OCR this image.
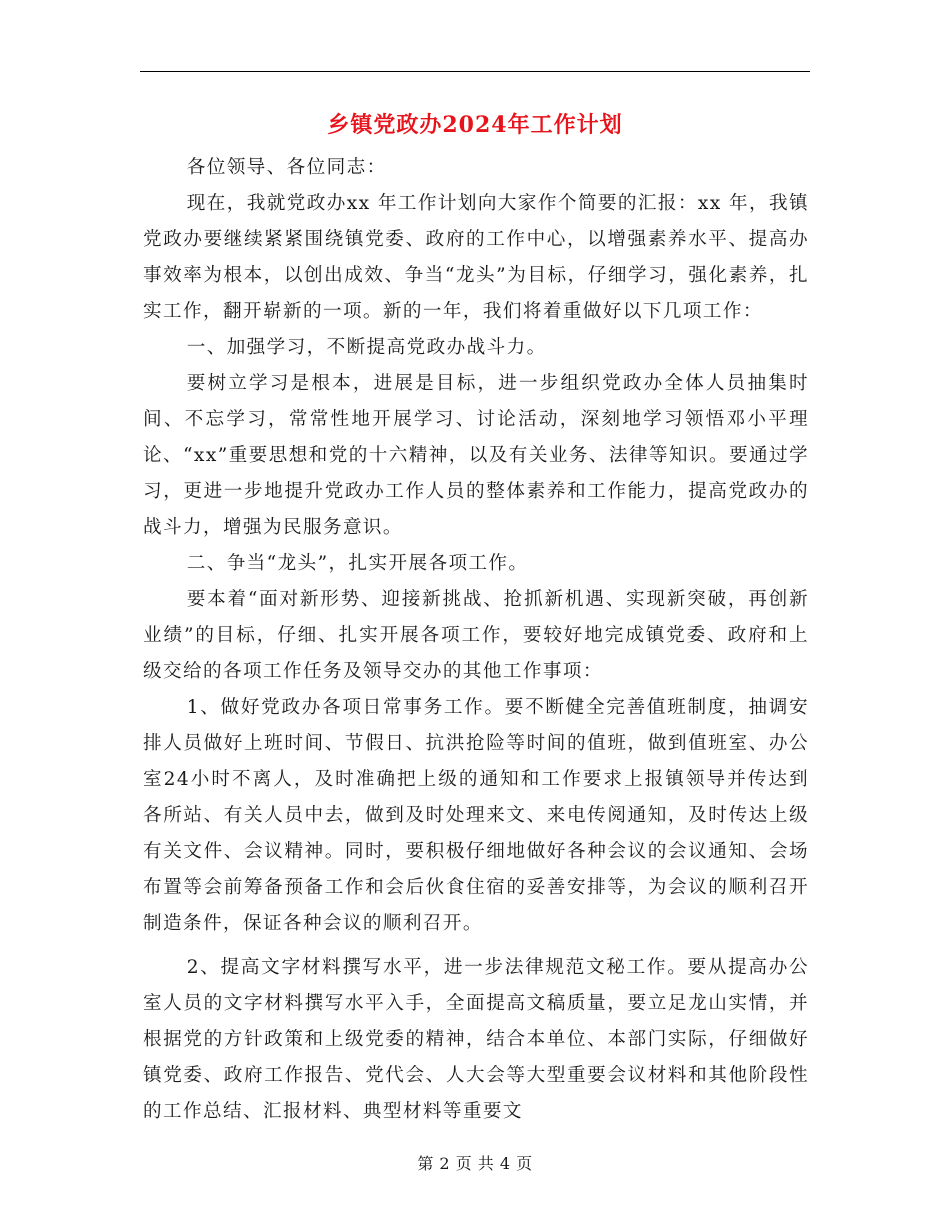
乡镇党政办2024年工作计划

各位领导、各位同志：

现在，我就党政办xx 年工作计划向大家作个简要的汇报：xx 年，我镇党政办要继续紧紧围绕镇党委、政府的工作中心，以增强素养水平、提高办事效率为根本，以创出成效、争当“龙头”为目标，仔细学习，强化素养，扎实工作，翻开崭新的一项。新的一年，我们将着重做好以下几项工作：

一、加强学习，不断提高党政办战斗力。

要树立学习是根本，进展是目标，进一步组织党政办全体人员抽集时间、不忘学习，常常性地开展学习、讨论活动，深刻地学习领悟邓小平理论、“xx”重要思想和党的十六精神，以及有关业务、法律等知识。要通过学习，更进一步地提升党政办工作人员的整体素养和工作能力，提高党政办的战斗力，增强为民服务意识。

二、争当“龙头”，扎实开展各项工作。

要本着“面对新形势、迎接新挑战、抢抓新机遇、实现新突破，再创新业绩”的目标，仔细、扎实开展各项工作，要较好地完成镇党委、政府和上级交给的各项工作任务及领导交办的其他工作事项：

1、做好党政办各项日常事务工作。要不断健全完善值班制度，抽调安排人员做好上班时间、节假日、抗洪抢险等时间的值班，做到值班室、办公室24小时不离人，及时准确把上级的通知和工作要求上报镇领导并传达到各所站、有关人员中去，做到及时处理来文、来电传阅通知，及时传达上级有关文件、会议精神。同时，要积极仔细地做好各种会议的会议通知、会场布置等会前筹备预备工作和会后伙食住宿的妥善安排等，为会议的顺利召开制造条件，保证各种会议的顺利召开。

2、提高文字材料撰写水平，进一步法律规范文秘工作。要从提高办公室人员的文字材料撰写水平入手，全面提高文稿质量，要立足龙山实情，并根据党的方针政策和上级党委的精神，结合本单位、本部门实际，仔细做好镇党委、政府工作报告、党代会、人大会等大型重要会议材料和其他阶段性的工作总结、汇报材料、典型材料等重要文

第 2 页 共 4 页
